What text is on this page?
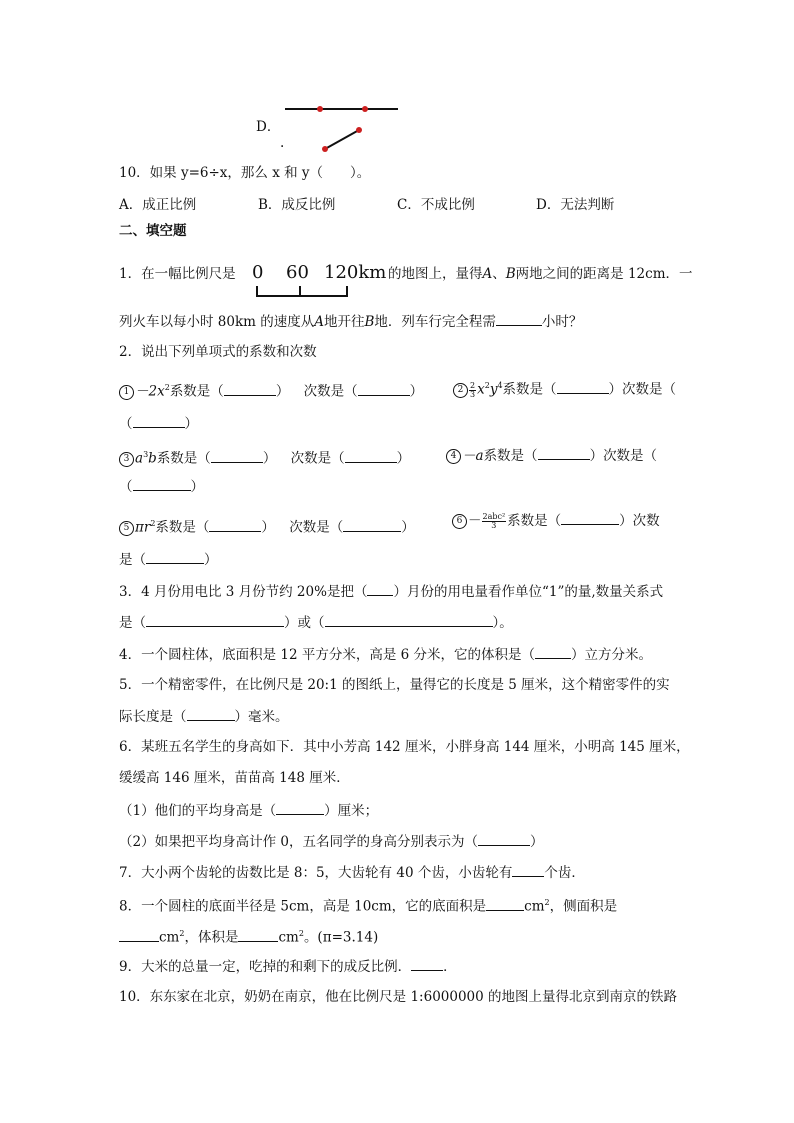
D．
.
10．如果 y=6÷x，那么 x 和 y（　　）。
A．成正比例	B．成反比例	C．不成比例	D．无法判断
二、填空题
1．在一幅比例尺是 0 60 120km 的地图上，量得A、B两地之间的距离是 12cm．一
列火车以每小时 80km 的速度从A地开往B地．列车行完全程需	小时？
2．说出下列单项式的系数和次数
$1 -2x^2$系数是（	） 次数是（	）	$2 \frac{2}{3} x^2y^4$系数是（	）次数是（
（	）
3 $a^3b$系数是（	） 次数是（	）	4 －a系数是（	）次数是（
（	）
5 $\pi r^2$系数是（	） 次数是（	）	$6 - \frac{\text{2abc²}}{3}$ 系数是（	）次数
是（	）
3．4 月份用电比 3 月份节约 20%是把（ ）月份的用电量看作单位“1”的量,数量关系式
是（	）或（	）。
4．一个圆柱体，底面积是 12 平方分米，高是 6 分米，它的体积是（	）立方分米。
5．一个精密零件，在比例尺是 20:1 的图纸上，量得它的长度是 5 厘米，这个精密零件的实
际长度是（	）毫米。
6．某班五名学生的身高如下．其中小芳高 142 厘米，小胖身高 144 厘米，小明高 145 厘米，
缓缓高 146 厘米，苗苗高 148 厘米．
（1）他们的平均身高是（	）厘米；
（2）如果把平均身高计作 0，五名同学的身高分别表示为（	）
7．大小两个齿轮的齿数比是 8：5，大齿轮有 40 个齿，小齿轮有 个齿．
8．一个圆柱的底面半径是 5cm，高是 10cm，它的底面积是	$cm^2$，侧面积是
$cm^2$，体积是	$cm^2$。(π=3.14)
9．大米的总量一定，吃掉的和剩下的成反比例． ．
10．东东家在北京，奶奶在南京，他在比例尺是 1:6000000 的地图上量得北京到南京的铁路
